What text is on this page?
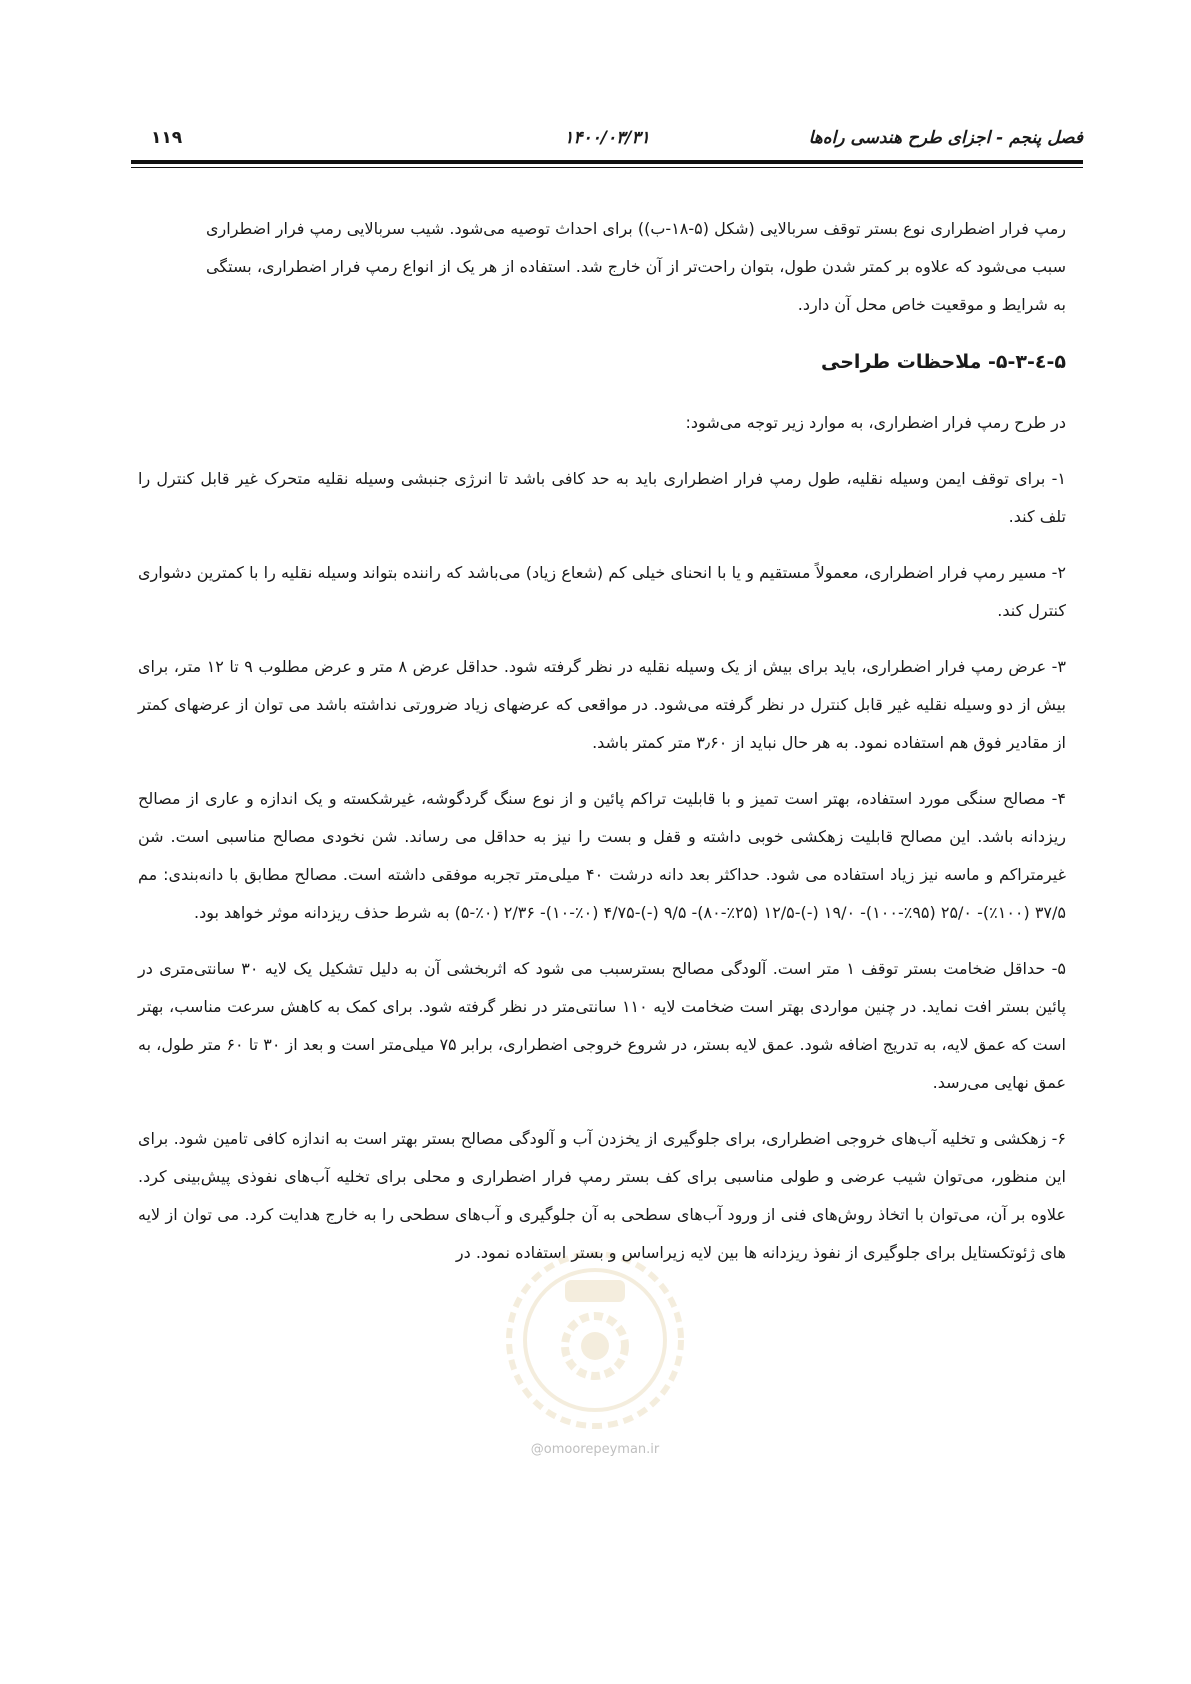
فصل پنجم - اجزای طرح هندسی راه‌ها
۱۴۰۰/۰۳/۳۱
۱۱۹
@omoorepeyman.ir

رمپ فرار اضطراری نوع بستر توقف سربالایی (شکل (۵-۱۸-ب)) برای احداث توصیه می‌شود. شیب سربالایی رمپ فرار اضطراری سبب می‌شود که علاوه بر کمتر شدن طول، بتوان راحت‌تر از آن خارج شد. استفاده از هر یک از انواع رمپ فرار اضطراری، بستگی به شرایط و موقعیت خاص محل آن دارد.

۵-٤-۵-۳- ملاحظات طراحی

در طرح رمپ فرار اضطراری، به موارد زیر توجه می‌شود:

۱- برای توقف ایمن وسیله نقلیه، طول رمپ فرار اضطراری باید به حد کافی باشد تا انرژی جنبشی وسیله نقلیه متحرک غیر قابل کنترل را تلف کند.

۲- مسیر رمپ فرار اضطراری، معمولاً مستقیم و یا با انحنای خیلی کم (شعاع زیاد) می‌باشد که راننده بتواند وسیله نقلیه را با کمترین دشواری کنترل کند.

۳- عرض رمپ فرار اضطراری، باید برای بیش از یک وسیله نقلیه در نظر گرفته شود. حداقل عرض ۸ متر و عرض مطلوب ۹ تا ۱۲ متر، برای بیش از دو وسیله نقلیه غیر قابل کنترل در نظر گرفته می‌شود. در مواقعی که عرضهای زیاد ضرورتی نداشته باشد می توان از عرضهای کمتر از مقادیر فوق هم استفاده نمود. به هر حال نباید از ۳٫۶۰ متر کمتر باشد.

۴- مصالح سنگی مورد استفاده، بهتر است تمیز و با قابلیت تراکم پائین و از نوع سنگ گردگوشه، غیرشکسته و یک اندازه و عاری از مصالح ریزدانه باشد. این مصالح قابلیت زهکشی خوبی داشته و قفل و بست را نیز به حداقل می رساند. شن نخودی مصالح مناسبی است. شن غیرمتراکم و ماسه نیز زیاد استفاده می شود. حداکثر بعد دانه درشت ۴۰ میلی‌متر تجربه موفقی داشته است. مصالح مطابق با دانه‌بندی: مم ۳۷/۵ (۱۰۰٪)- ۲۵/۰ (۹۵٪-۱۰۰)- ۱۹/۰ (-)-۱۲/۵ (۲۵٪-۸۰)- ۹/۵ (-)-۴/۷۵ (۰٪-۱۰)- ۲/۳۶ (۰٪-۵) به شرط حذف ریزدانه موثر خواهد بود.

۵- حداقل ضخامت بستر توقف ۱ متر است. آلودگی مصالح بسترسبب می شود که اثربخشی آن به دلیل تشکیل یک لایه ۳۰ سانتی‌متری در پائین بستر افت نماید. در چنین مواردی بهتر است ضخامت لایه ۱۱۰ سانتی‌متر در نظر گرفته شود. برای کمک به کاهش سرعت مناسب، بهتر است که عمق لایه، به تدریج اضافه شود. عمق لایه بستر، در شروع خروجی اضطراری، برابر ۷۵ میلی‌متر است و بعد از ۳۰ تا ۶۰ متر طول، به عمق نهایی می‌رسد.

۶- زهکشی و تخلیه آب‌های خروجی اضطراری، برای جلوگیری از یخزدن آب و آلودگی مصالح بستر بهتر است به اندازه کافی تامین شود. برای این منظور، می‌توان شیب عرضی و طولی مناسبی برای کف بستر رمپ فرار اضطراری و محلی برای تخلیه آب‌های نفوذی پیش‌بینی کرد. علاوه بر آن، می‌توان با اتخاذ روش‌های فنی از ورود آب‌های سطحی به آن جلوگیری و آب‌های سطحی را به خارج هدایت کرد. می توان از لایه های ژئوتکستایل برای جلوگیری از نفوذ ریزدانه ها بین لایه زیراساس و بستر استفاده نمود. در
